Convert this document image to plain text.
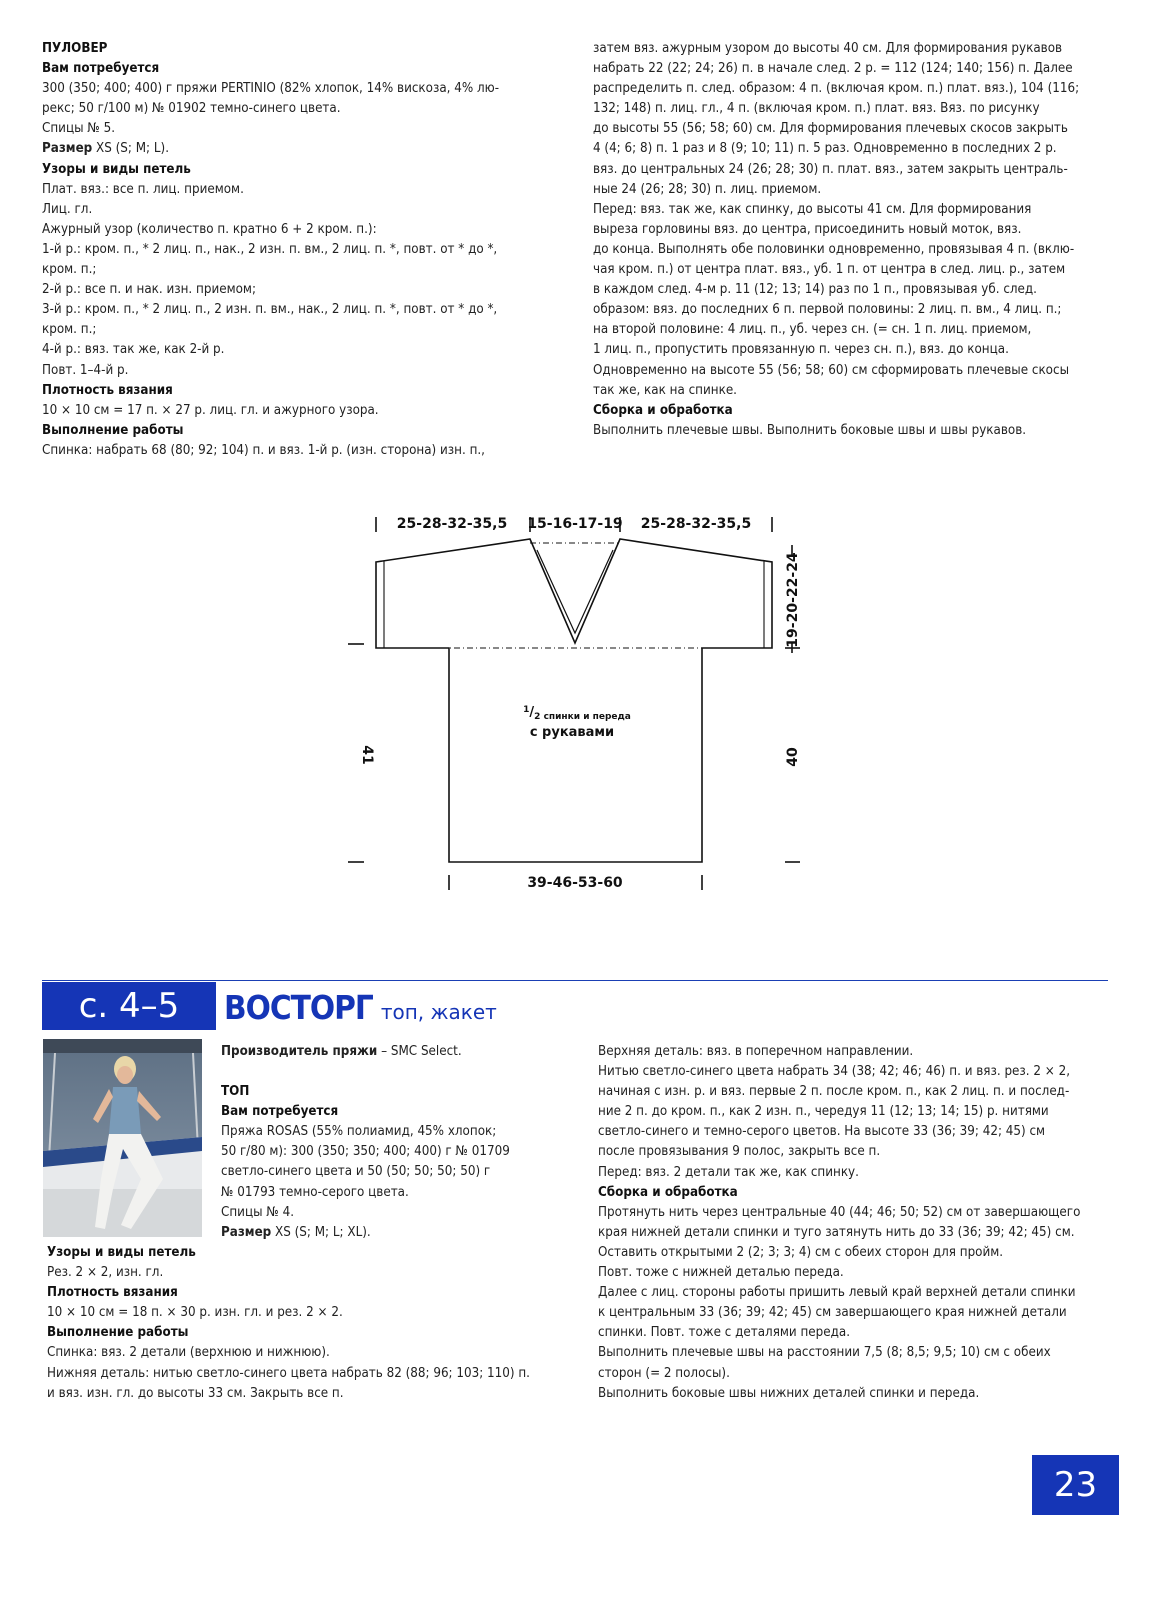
ПУЛОВЕР

Вам потребуется

300 (350; 400; 400) г пряжи PERTINIO (82% хлопок, 14% вискоза, 4% лю-

рекс; 50 г/100 м) № 01902 темно-синего цвета.

Спицы № 5.

Размер XS (S; M; L).

Узоры и виды петель

Плат. вяз.: все п. лиц. приемом.

Лиц. гл.

Ажурный узор (количество п. кратно 6 + 2 кром. п.):

1-й р.: кром. п., * 2 лиц. п., нак., 2 изн. п. вм., 2 лиц. п. *, повт. от * до *,

кром. п.;

2-й р.: все п. и нак. изн. приемом;

3-й р.: кром. п., * 2 лиц. п., 2 изн. п. вм., нак., 2 лиц. п. *, повт. от * до *,

кром. п.;

4-й р.: вяз. так же, как 2-й р.

Повт. 1–4-й р.

Плотность вязания

10 × 10 см = 17 п. × 27 р. лиц. гл. и ажурного узора.

Выполнение работы

Спинка: набрать 68 (80; 92; 104) п. и вяз. 1-й р. (изн. сторона) изн. п.,

затем вяз. ажурным узором до высоты 40 см. Для формирования рукавов

набрать 22 (22; 24; 26) п. в начале след. 2 р. = 112 (124; 140; 156) п. Далее

распределить п. след. образом: 4 п. (включая кром. п.) плат. вяз.), 104 (116;

132; 148) п. лиц. гл., 4 п. (включая кром. п.) плат. вяз. Вяз. по рисунку

до высоты 55 (56; 58; 60) см. Для формирования плечевых скосов закрыть

4 (4; 6; 8) п. 1 раз и 8 (9; 10; 11) п. 5 раз. Одновременно в последних 2 р.

вяз. до центральных 24 (26; 28; 30) п. плат. вяз., затем закрыть централь-

ные 24 (26; 28; 30) п. лиц. приемом.

Перед: вяз. так же, как спинку, до высоты 41 см. Для формирования

выреза горловины вяз. до центра, присоединить новый моток, вяз.

до конца. Выполнять обе половинки одновременно, провязывая 4 п. (вклю-

чая кром. п.) от центра плат. вяз., уб. 1 п. от центра в след. лиц. р., затем

в каждом след. 4-м р. 11 (12; 13; 14) раз по 1 п., провязывая уб. след.

образом: вяз. до последних 6 п. первой половины: 2 лиц. п. вм., 4 лиц. п.;

на второй половине: 4 лиц. п., уб. через сн. (= сн. 1 п. лиц. приемом,

1 лиц. п., пропустить провязанную п. через сн. п.), вяз. до конца.

Одновременно на высоте 55 (56; 58; 60) см сформировать плечевые скосы

так же, как на спинке.

Сборка и обработка

Выполнить плечевые швы. Выполнить боковые швы и швы рукавов.

25-28-32-35,5 15-16-17-19 25-28-32-35,5
19-20-22-24
41	40
39-46-53-60
$^1/_{2 спинки и переда}$
с рукавами
с. 4–5	ВОСТОРГ топ, жакет

Производитель пряжи – SMC Select.

ТОП

Вам потребуется

Пряжа ROSAS (55% полиамид, 45% хлопок;

50 г/80 м): 300 (350; 350; 400; 400) г № 01709

светло-синего цвета и 50 (50; 50; 50; 50) г

№ 01793 темно-серого цвета.

Спицы № 4.

Размер XS (S; M; L; XL).

Узоры и виды петель

Рез. 2 × 2, изн. гл.

Плотность вязания

10 × 10 см = 18 п. × 30 р. изн. гл. и рез. 2 × 2.

Выполнение работы

Спинка: вяз. 2 детали (верхнюю и нижнюю).

Нижняя деталь: нитью светло-синего цвета набрать 82 (88; 96; 103; 110) п.

и вяз. изн. гл. до высоты 33 см. Закрыть все п.

Верхняя деталь: вяз. в поперечном направлении.

Нитью светло-синего цвета набрать 34 (38; 42; 46; 46) п. и вяз. рез. 2 × 2,

начиная с изн. р. и вяз. первые 2 п. после кром. п., как 2 лиц. п. и послед-

ние 2 п. до кром. п., как 2 изн. п., чередуя 11 (12; 13; 14; 15) р. нитями

светло-синего и темно-серого цветов. На высоте 33 (36; 39; 42; 45) см

после провязывания 9 полос, закрыть все п.

Перед: вяз. 2 детали так же, как спинку.

Сборка и обработка

Протянуть нить через центральные 40 (44; 46; 50; 52) см от завершающего

края нижней детали спинки и туго затянуть нить до 33 (36; 39; 42; 45) см.

Оставить открытыми 2 (2; 3; 3; 4) см с обеих сторон для пройм.

Повт. тоже с нижней деталью переда.

Далее с лиц. стороны работы пришить левый край верхней детали спинки

к центральным 33 (36; 39; 42; 45) см завершающего края нижней детали

спинки. Повт. тоже с деталями переда.

Выполнить плечевые швы на расстоянии 7,5 (8; 8,5; 9,5; 10) см с обеих

сторон (= 2 полосы).

Выполнить боковые швы нижних деталей спинки и переда.

23
